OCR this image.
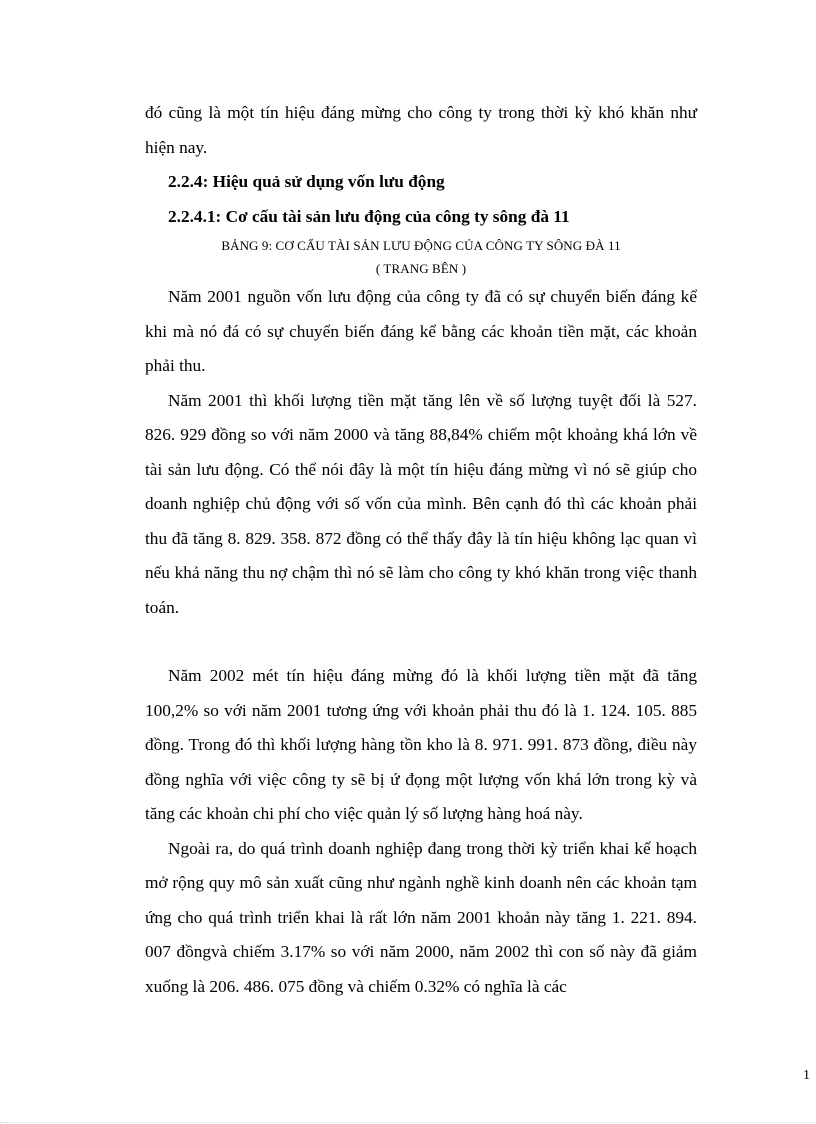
đó cũng là một tín hiệu đáng mừng cho công ty trong thời kỳ khó khăn như hiện nay.

2.2.4: Hiệu quả sử dụng vốn lưu động

2.2.4.1: Cơ cấu tài sản lưu động của công ty sông đà 11

BẢNG 9: CƠ CẤU TÀI SẢN LƯU ĐỘNG CỦA CÔNG TY SÔNG ĐÀ 11

( TRANG BÊN )

Năm 2001 nguồn vốn lưu động của công ty đã có sự chuyển biến đáng kể khi mà nó đá có sự chuyển biến đáng kể bằng các khoản tiền mặt, các khoản phải thu.

Năm 2001 thì khối lượng tiền mặt tăng lên về số lượng tuyệt đối là 527. 826. 929 đồng so với năm 2000 và tăng 88,84% chiếm một khoảng khá lớn về tài sản lưu động. Có thể nói đây là một tín hiệu đáng mừng vì nó sẽ giúp cho doanh nghiệp chủ động với số vốn của mình. Bên cạnh đó thì các khoản phải thu đã tăng 8. 829. 358. 872 đồng có thể thấy đây là tín hiệu không lạc quan vì nếu khả năng thu nợ chậm thì nó sẽ làm cho công ty khó khăn trong việc thanh toán.

Năm 2002 mét tín hiệu đáng mừng đó là khối lượng tiền mặt đã tăng 100,2% so với năm 2001 tương ứng với khoản phải thu đó là 1. 124. 105. 885 đồng. Trong đó thì khối lượng hàng tồn kho là 8. 971. 991. 873 đồng, điều này đồng nghĩa với việc công ty sẽ bị ứ đọng một lượng vốn khá lớn trong kỳ và tăng các khoản chi phí cho việc quản lý số lượng hàng hoá này.

Ngoài ra, do quá trình doanh nghiệp đang trong thời kỳ triển khai kế hoạch mở rộng quy mô sản xuất cũng như ngành nghề kinh doanh nên các khoản tạm ứng cho quá trình triển khai là rất lớn năm 2001 khoản này tăng 1. 221. 894. 007 đồngvà chiếm 3.17% so với năm 2000, năm 2002 thì con số này đã giảm xuống là 206. 486. 075 đồng và chiếm 0.32% có nghĩa là các

1
